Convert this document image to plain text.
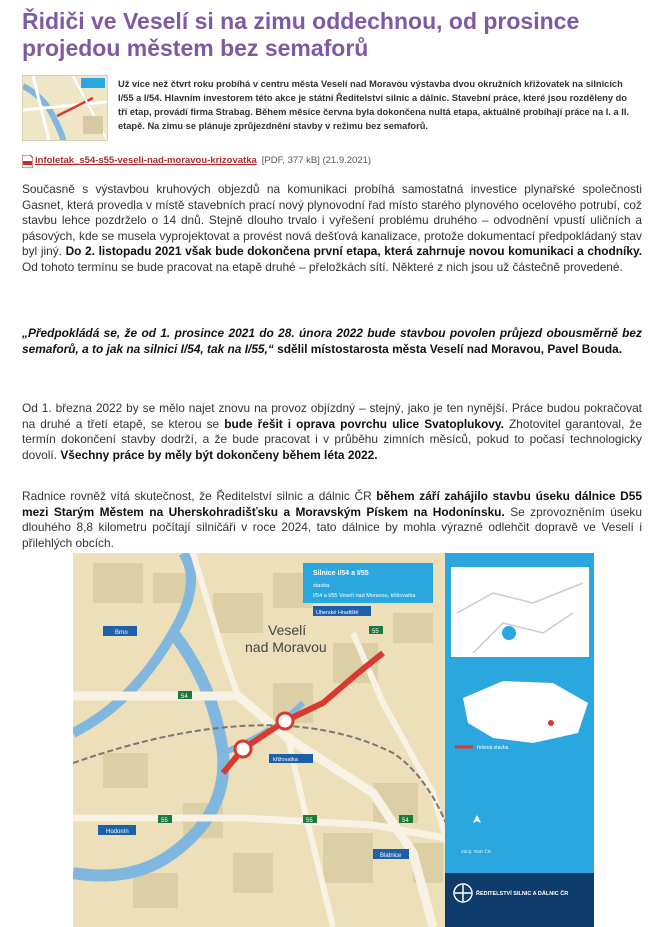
Řidiči ve Veselí si na zimu oddechnou, od prosince projedou městem bez semaforů

Už více než čtvrt roku probíhá v centru města Veselí nad Moravou výstavba dvou okružních křižovatek na silnicích I/55 a I/54. Hlavním investorem této akce je státní Ředitelství silnic a dálnic. Stavební práce, které jsou rozděleny do tří etap, provádí firma Strabag. Během měsíce června byla dokončena nultá etapa, aktuálně probíhají práce na I. a II. etapě. Na zimu se plánuje zprůjezdnění stavby v režimu bez semaforů.

infoletak_s54-s55-veseli-nad-moravou-krizovatka [PDF, 377 kB] (21.9.2021)

Současně s výstavbou kruhových objezdů na komunikaci probíhá samostatná investice plynařské společnosti Gasnet, která provedla v místě stavebních prací nový plynovodní řad místo starého plynového ocelového potrubí, což stavbu lehce pozdrželo o 14 dnů. Stejně dlouho trvalo i vyřešení problému druhého – odvodnění vpustí uličních a pásových, kde se musela vyprojektovat a provést nová dešťová kanalizace, protože dokumentací předpokládaný stav byl jiný. Do 2. listopadu 2021 však bude dokončena první etapa, která zahrnuje novou komunikaci a chodníky. Od tohoto termínu se bude pracovat na etapě druhé – přeložkách sítí. Některé z nich jsou už částečně provedené.

„Předpokládá se, že od 1. prosince 2021 do 28. února 2022 bude stavbou povolen průjezd obousměrně bez semaforů, a to jak na silnici I/54, tak na I/55,“ sdělil místostarosta města Veselí nad Moravou, Pavel Bouda.

Od 1. března 2022 by se mělo najet znovu na provoz objízdný – stejný, jako je ten nynější. Práce budou pokračovat na druhé a třetí etapě, se kterou se bude řešit i oprava povrchu ulice Svatoplukovy. Zhotovitel garantoval, že termín dokončení stavby dodrží, a že bude pracovat i v průběhu zimních měsíců, pokud to počasí technologicky dovolí. Všechny práce by měly být dokončeny během léta 2022.

Radnice rovněž vítá skutečnost, že Ředitelství silnic a dálnic ČR během září zahájilo stavbu úseku dálnice D55 mezi Starým Městem na Uherskohradišťsku a Moravským Pískem na Hodonínsku. Se zprovozněním úseku dlouhého 8,8 kilometru počítají silničáři v roce 2024, tato dálnice by mohla výrazně odlehčit dopravě ve Veselí i přilehlých obcích.

Veselí
nad Moravou
Silnice I/54 a I/55
stavba
I/54 a I/55 Veselí nad Moravou, křižovatka
Uherské Hradiště
Brno
Hodonín
Blatnice
55
54
55	54
55
křižovatka
řešená stavba
Zdroj: RSD ČR
ŘEDITELSTVÍ SILNIC A DÁLNIC ČR
